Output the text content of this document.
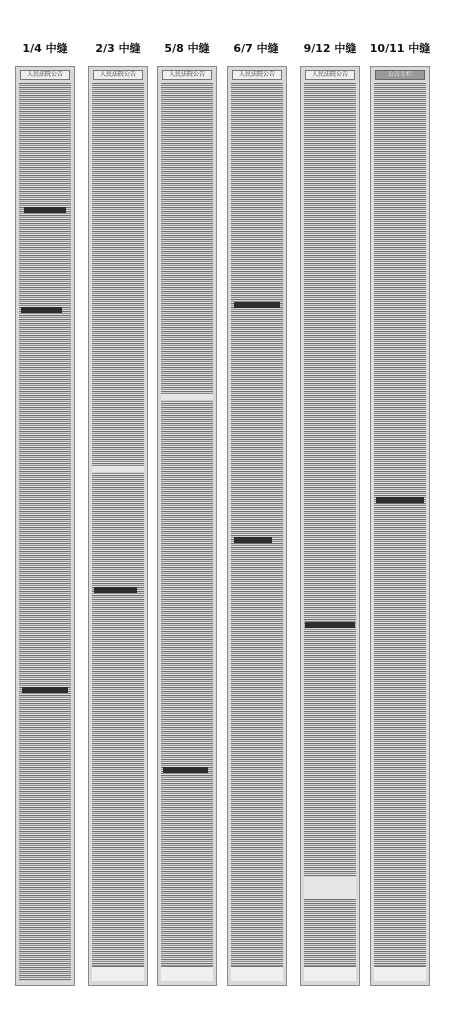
1/4 中缝
人民法院公告
2/3 中缝
人民法院公告
5/8 中缝
人民法院公告
6/7 中缝
人民法院公告
9/12 中缝
人民法院公告
10/11 中缝
公告专栏
